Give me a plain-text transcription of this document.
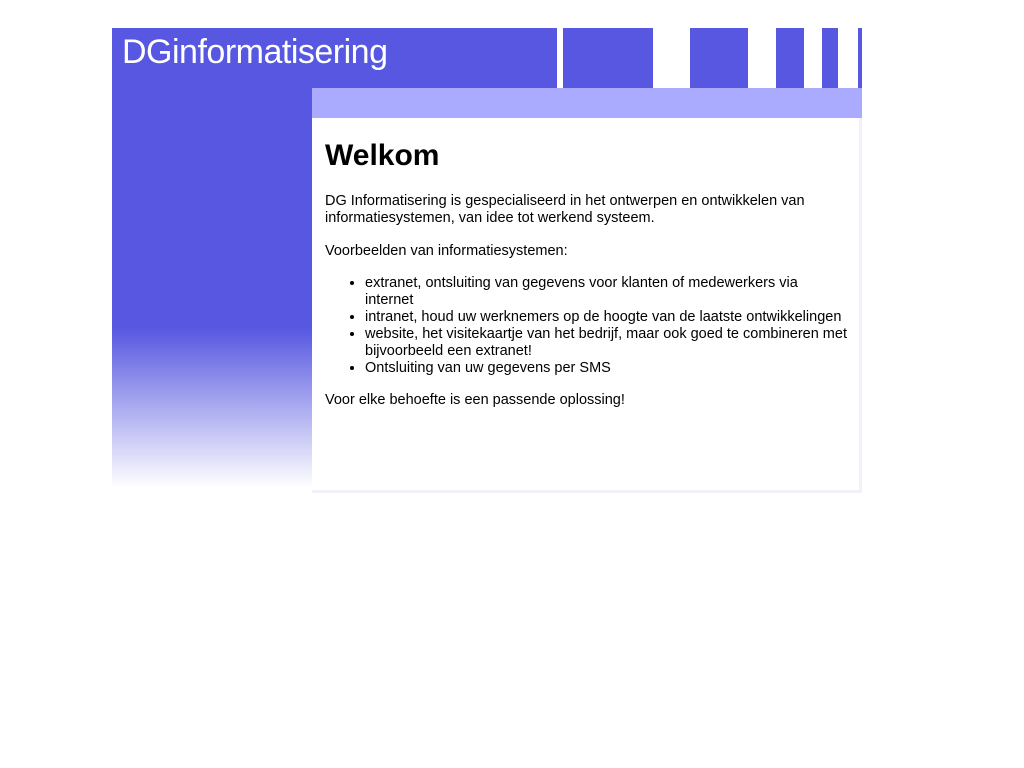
DGinformatisering
Welkom

DG Informatisering is gespecialiseerd in het ontwerpen en ontwikkelen van informatiesystemen, van idee tot werkend systeem.

Voorbeelden van informatiesystemen:

• extranet, ontsluiting van gegevens voor klanten of medewerkers via internet
• intranet, houd uw werknemers op de hoogte van de laatste ontwikkelingen
• website, het visitekaartje van het bedrijf, maar ook goed te combineren met bijvoorbeeld een extranet!
• Ontsluiting van uw gegevens per SMS

Voor elke behoefte is een passende oplossing!
